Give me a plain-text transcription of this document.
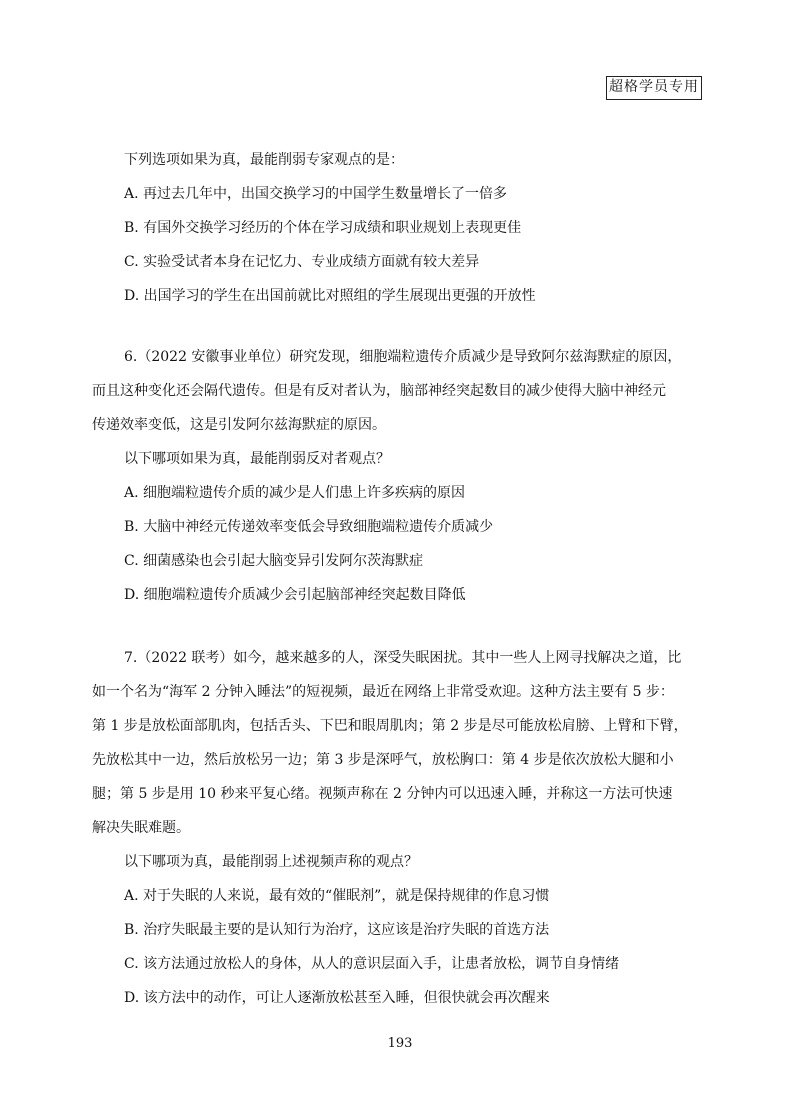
超格学员专用
下列选项如果为真，最能削弱专家观点的是：
A. 再过去几年中，出国交换学习的中国学生数量增长了一倍多
B. 有国外交换学习经历的个体在学习成绩和职业规划上表现更佳
C. 实验受试者本身在记忆力、专业成绩方面就有较大差异
D. 出国学习的学生在出国前就比对照组的学生展现出更强的开放性
6.（2022 安徽事业单位）研究发现，细胞端粒遗传介质减少是导致阿尔兹海默症的原因，
而且这种变化还会隔代遗传。但是有反对者认为，脑部神经突起数目的减少使得大脑中神经元
传递效率变低，这是引发阿尔兹海默症的原因。
以下哪项如果为真，最能削弱反对者观点？
A. 细胞端粒遗传介质的减少是人们患上许多疾病的原因
B. 大脑中神经元传递效率变低会导致细胞端粒遗传介质减少
C. 细菌感染也会引起大脑变异引发阿尔茨海默症
D. 细胞端粒遗传介质减少会引起脑部神经突起数目降低
7.（2022 联考）如今，越来越多的人，深受失眠困扰。其中一些人上网寻找解决之道，比
如一个名为“海军 2 分钟入睡法”的短视频，最近在网络上非常受欢迎。这种方法主要有 5 步：
第 1 步是放松面部肌肉，包括舌头、下巴和眼周肌肉；第 2 步是尽可能放松肩膀、上臂和下臂，
先放松其中一边，然后放松另一边；第 3 步是深呼气，放松胸口：第 4 步是依次放松大腿和小
腿；第 5 步是用 10 秒来平复心绪。视频声称在 2 分钟内可以迅速入睡，并称这一方法可快速
解决失眠难题。
以下哪项为真，最能削弱上述视频声称的观点？
A. 对于失眠的人来说，最有效的“催眠剂”，就是保持规律的作息习惯
B. 治疗失眠最主要的是认知行为治疗，这应该是治疗失眠的首选方法
C. 该方法通过放松人的身体，从人的意识层面入手，让患者放松，调节自身情绪
D. 该方法中的动作，可让人逐渐放松甚至入睡，但很快就会再次醒来
193
